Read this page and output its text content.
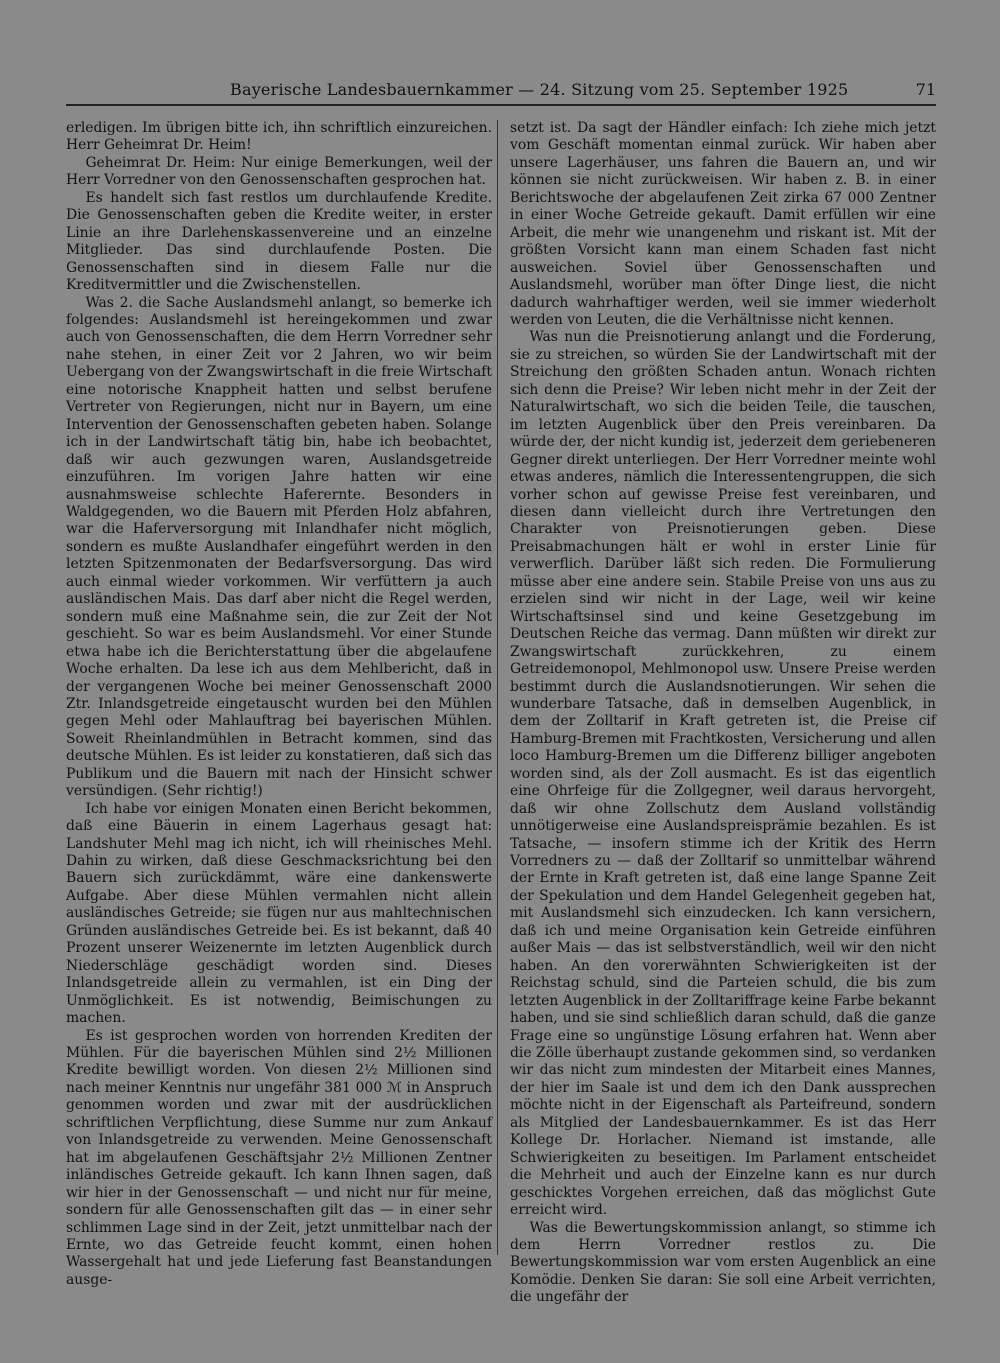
Bayerische Landesbauernkammer — 24. Sitzung vom 25. September 1925	71

erledigen. Im übrigen bitte ich, ihn schriftlich einzureichen. Herr Geheimrat Dr. Heim!

Geheimrat Dr. Heim: Nur einige Bemerkungen, weil der Herr Vorredner von den Genossenschaften gesprochen hat.

Es handelt sich fast restlos um durchlaufende Kredite. Die Genossenschaften geben die Kredite weiter, in erster Linie an ihre Darlehenskassenvereine und an einzelne Mitglieder. Das sind durchlaufende Posten. Die Genossenschaften sind in diesem Falle nur die Kreditvermittler und die Zwischenstellen.

Was 2. die Sache Auslandsmehl anlangt, so bemerke ich folgendes: Auslandsmehl ist hereingekommen und zwar auch von Genossenschaften, die dem Herrn Vorredner sehr nahe stehen, in einer Zeit vor 2 Jahren, wo wir beim Uebergang von der Zwangswirtschaft in die freie Wirtschaft eine notorische Knappheit hatten und selbst berufene Vertreter von Regierungen, nicht nur in Bayern, um eine Intervention der Genossenschaften gebeten haben. Solange ich in der Landwirtschaft tätig bin, habe ich beobachtet, daß wir auch gezwungen waren, Auslandsgetreide einzuführen. Im vorigen Jahre hatten wir eine ausnahmsweise schlechte Haferernte. Besonders in Waldgegenden, wo die Bauern mit Pferden Holz abfahren, war die Haferversorgung mit Inlandhafer nicht möglich, sondern es mußte Auslandhafer eingeführt werden in den letzten Spitzenmonaten der Bedarfsversorgung. Das wird auch einmal wieder vorkommen. Wir verfüttern ja auch ausländischen Mais. Das darf aber nicht die Regel werden, sondern muß eine Maßnahme sein, die zur Zeit der Not geschieht. So war es beim Auslandsmehl. Vor einer Stunde etwa habe ich die Berichterstattung über die abgelaufene Woche erhalten. Da lese ich aus dem Mehlbericht, daß in der vergangenen Woche bei meiner Genossenschaft 2000 Ztr. Inlandsgetreide eingetauscht wurden bei den Mühlen gegen Mehl oder Mahlauftrag bei bayerischen Mühlen. Soweit Rheinlandmühlen in Betracht kommen, sind das deutsche Mühlen. Es ist leider zu konstatieren, daß sich das Publikum und die Bauern mit nach der Hinsicht schwer versündigen. (Sehr richtig!)

Ich habe vor einigen Monaten einen Bericht bekommen, daß eine Bäuerin in einem Lagerhaus gesagt hat: Landshuter Mehl mag ich nicht, ich will rheinisches Mehl. Dahin zu wirken, daß diese Geschmacksrichtung bei den Bauern sich zurückdämmt, wäre eine dankenswerte Aufgabe. Aber diese Mühlen vermahlen nicht allein ausländisches Getreide; sie fügen nur aus mahltechnischen Gründen ausländisches Getreide bei. Es ist bekannt, daß 40 Prozent unserer Weizenernte im letzten Augenblick durch Niederschläge geschädigt worden sind. Dieses Inlandsgetreide allein zu vermahlen, ist ein Ding der Unmöglichkeit. Es ist notwendig, Beimischungen zu machen.

Es ist gesprochen worden von horrenden Krediten der Mühlen. Für die bayerischen Mühlen sind 2½ Millionen Kredite bewilligt worden. Von diesen 2½ Millionen sind nach meiner Kenntnis nur ungefähr 381 000 ℳ in Anspruch genommen worden und zwar mit der ausdrücklichen schriftlichen Verpflichtung, diese Summe nur zum Ankauf von Inlandsgetreide zu verwenden. Meine Genossenschaft hat im abgelaufenen Geschäftsjahr 2½ Millionen Zentner inländisches Getreide gekauft. Ich kann Ihnen sagen, daß wir hier in der Genossenschaft — und nicht nur für meine, sondern für alle Genossenschaften gilt das — in einer sehr schlimmen Lage sind in der Zeit, jetzt unmittelbar nach der Ernte, wo das Getreide feucht kommt, einen hohen Wassergehalt hat und jede Lieferung fast Beanstandungen ausge-

setzt ist. Da sagt der Händler einfach: Ich ziehe mich jetzt vom Geschäft momentan einmal zurück. Wir haben aber unsere Lagerhäuser, uns fahren die Bauern an, und wir können sie nicht zurückweisen. Wir haben z. B. in einer Berichtswoche der abgelaufenen Zeit zirka 67 000 Zentner in einer Woche Getreide gekauft. Damit erfüllen wir eine Arbeit, die mehr wie unangenehm und riskant ist. Mit der größten Vorsicht kann man einem Schaden fast nicht ausweichen. Soviel über Genossenschaften und Auslandsmehl, worüber man öfter Dinge liest, die nicht dadurch wahrhaftiger werden, weil sie immer wiederholt werden von Leuten, die die Verhältnisse nicht kennen.

Was nun die Preisnotierung anlangt und die Forderung, sie zu streichen, so würden Sie der Landwirtschaft mit der Streichung den größten Schaden antun. Wonach richten sich denn die Preise? Wir leben nicht mehr in der Zeit der Naturalwirtschaft, wo sich die beiden Teile, die tauschen, im letzten Augenblick über den Preis vereinbaren. Da würde der, der nicht kundig ist, jederzeit dem geriebeneren Gegner direkt unterliegen. Der Herr Vorredner meinte wohl etwas anderes, nämlich die Interessentengruppen, die sich vorher schon auf gewisse Preise fest vereinbaren, und diesen dann vielleicht durch ihre Vertretungen den Charakter von Preisnotierungen geben. Diese Preisabmachungen hält er wohl in erster Linie für verwerflich. Darüber läßt sich reden. Die Formulierung müsse aber eine andere sein. Stabile Preise von uns aus zu erzielen sind wir nicht in der Lage, weil wir keine Wirtschaftsinsel sind und keine Gesetzgebung im Deutschen Reiche das vermag. Dann müßten wir direkt zur Zwangswirtschaft zurückkehren, zu einem Getreidemonopol, Mehlmonopol usw. Unsere Preise werden bestimmt durch die Auslandsnotierungen. Wir sehen die wunderbare Tatsache, daß in demselben Augenblick, in dem der Zolltarif in Kraft getreten ist, die Preise cif Hamburg-Bremen mit Frachtkosten, Versicherung und allen loco Hamburg-Bremen um die Differenz billiger angeboten worden sind, als der Zoll ausmacht. Es ist das eigentlich eine Ohrfeige für die Zollgegner, weil daraus hervorgeht, daß wir ohne Zollschutz dem Ausland vollständig unnötigerweise eine Auslandspreisprämie bezahlen. Es ist Tatsache, — insofern stimme ich der Kritik des Herrn Vorredners zu — daß der Zolltarif so unmittelbar während der Ernte in Kraft getreten ist, daß eine lange Spanne Zeit der Spekulation und dem Handel Gelegenheit gegeben hat, mit Auslandsmehl sich einzudecken. Ich kann versichern, daß ich und meine Organisation kein Getreide einführen außer Mais — das ist selbstverständlich, weil wir den nicht haben. An den vorerwähnten Schwierigkeiten ist der Reichstag schuld, sind die Parteien schuld, die bis zum letzten Augenblick in der Zolltariffrage keine Farbe bekannt haben, und sie sind schließlich daran schuld, daß die ganze Frage eine so ungünstige Lösung erfahren hat. Wenn aber die Zölle überhaupt zustande gekommen sind, so verdanken wir das nicht zum mindesten der Mitarbeit eines Mannes, der hier im Saale ist und dem ich den Dank aussprechen möchte nicht in der Eigenschaft als Parteifreund, sondern als Mitglied der Landesbauernkammer. Es ist das Herr Kollege Dr. Horlacher. Niemand ist imstande, alle Schwierigkeiten zu beseitigen. Im Parlament entscheidet die Mehrheit und auch der Einzelne kann es nur durch geschicktes Vorgehen erreichen, daß das möglichst Gute erreicht wird.

Was die Bewertungskommission anlangt, so stimme ich dem Herrn Vorredner restlos zu. Die Bewertungskommission war vom ersten Augenblick an eine Komödie. Denken Sie daran: Sie soll eine Arbeit verrichten, die ungefähr der
